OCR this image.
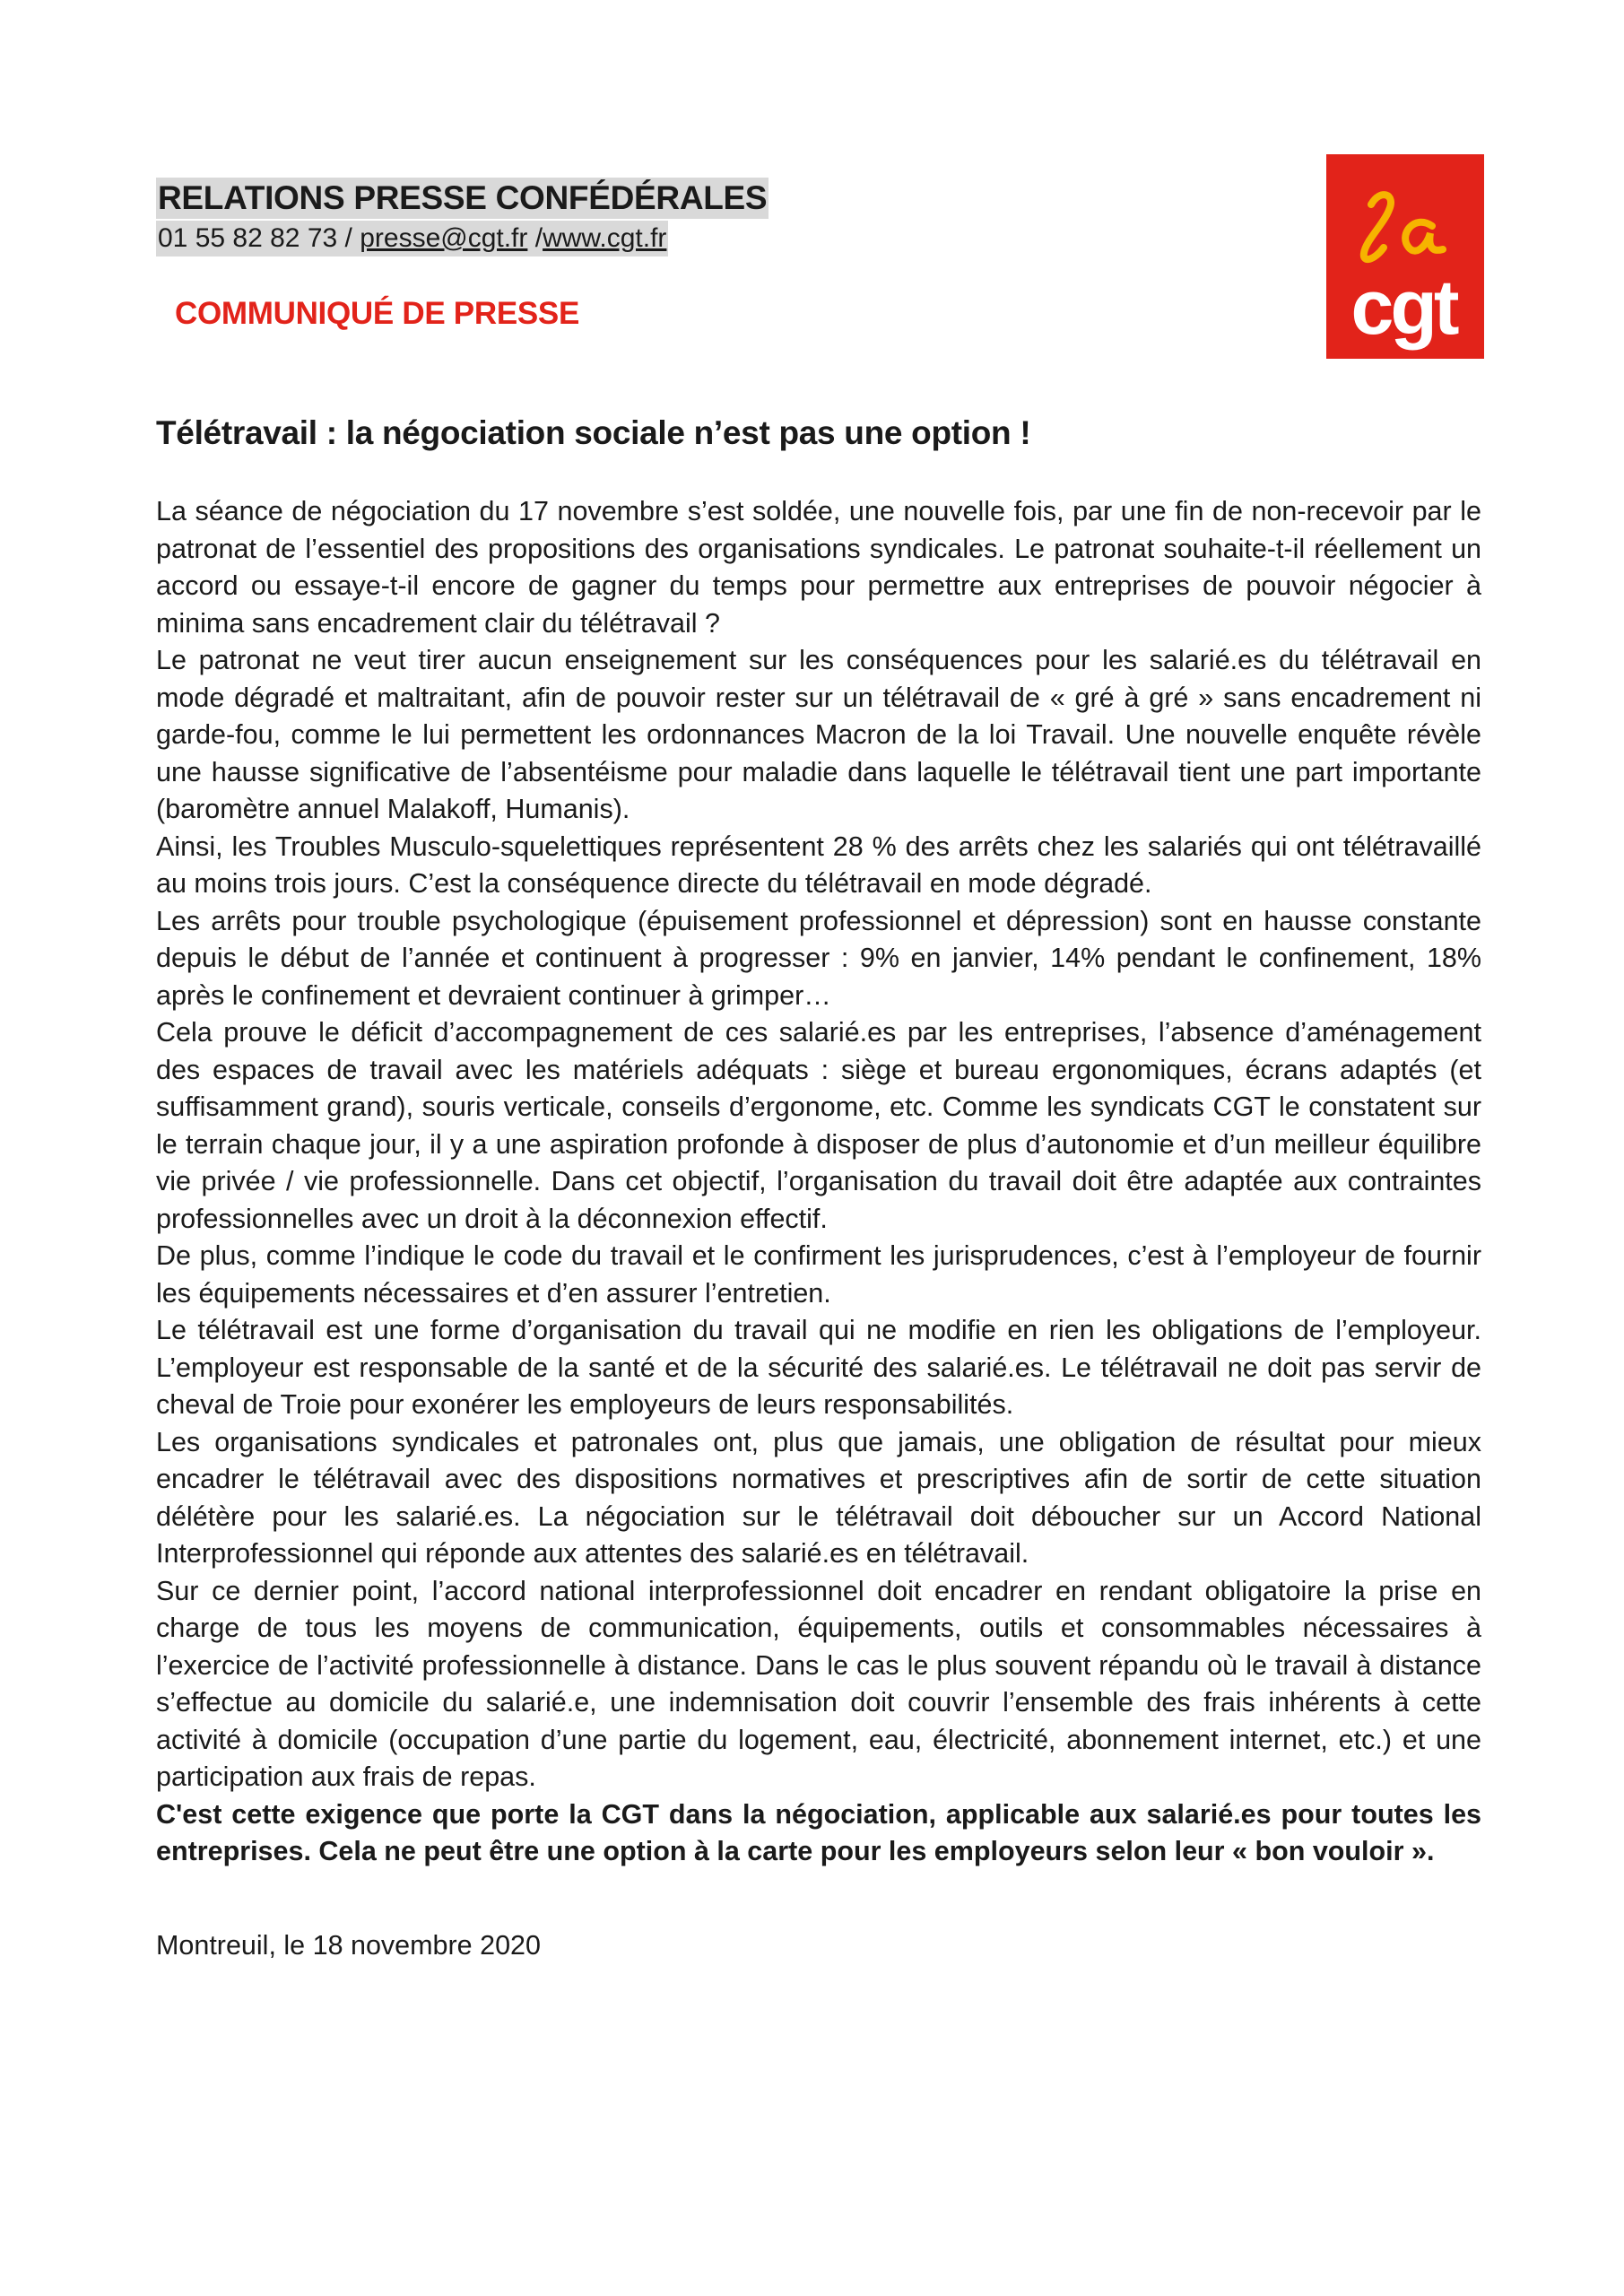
RELATIONS PRESSE CONFÉDÉRALES
01 55 82 82 73 / presse@cgt.fr /www.cgt.fr
COMMUNIQUÉ DE PRESSE	cgt
Télétravail : la négociation sociale n’est pas une option !

La séance de négociation du 17 novembre s’est soldée, une nouvelle fois, par une fin de non-recevoir par le patronat de l’essentiel des propositions des organisations syndicales. Le patronat souhaite-t-il réellement un accord ou essaye-t-il encore de gagner du temps pour permettre aux entreprises de pouvoir négocier à minima sans encadrement clair du télétravail ?

Le patronat ne veut tirer aucun enseignement sur les conséquences pour les salarié.es du télétravail en mode dégradé et maltraitant, afin de pouvoir rester sur un télétravail de « gré à gré » sans encadrement ni garde-fou, comme le lui permettent les ordonnances Macron de la loi Travail. Une nouvelle enquête révèle une hausse significative de l’absentéisme pour maladie dans laquelle le télétravail tient une part importante (baromètre annuel Malakoff, Humanis).

Ainsi, les Troubles Musculo-squelettiques représentent 28 % des arrêts chez les salariés qui ont télétravaillé au moins trois jours. C’est la conséquence directe du télétravail en mode dégradé.

Les arrêts pour trouble psychologique (épuisement professionnel et dépression) sont en hausse constante depuis le début de l’année et continuent à progresser : 9% en janvier, 14% pendant le confinement, 18% après le confinement et devraient continuer à grimper…

Cela prouve le déficit d’accompagnement de ces salarié.es par les entreprises, l’absence d’aménagement des espaces de travail avec les matériels adéquats : siège et bureau ergonomiques, écrans adaptés (et suffisamment grand), souris verticale, conseils d’ergonome, etc. Comme les syndicats CGT le constatent sur le terrain chaque jour, il y a une aspiration profonde à disposer de plus d’autonomie et d’un meilleur équilibre vie privée / vie professionnelle. Dans cet objectif, l’organisation du travail doit être adaptée aux contraintes professionnelles avec un droit à la déconnexion effectif.

De plus, comme l’indique le code du travail et le confirment les jurisprudences, c’est à l’employeur de fournir les équipements nécessaires et d’en assurer l’entretien.

Le télétravail est une forme d’organisation du travail qui ne modifie en rien les obligations de l’employeur. L’employeur est responsable de la santé et de la sécurité des salarié.es. Le télétravail ne doit pas servir de cheval de Troie pour exonérer les employeurs de leurs responsabilités.

Les organisations syndicales et patronales ont, plus que jamais, une obligation de résultat pour mieux encadrer le télétravail avec des dispositions normatives et prescriptives afin de sortir de cette situation délétère pour les salarié.es. La négociation sur le télétravail doit déboucher sur un Accord National Interprofessionnel qui réponde aux attentes des salarié.es en télétravail.

Sur ce dernier point, l’accord national interprofessionnel doit encadrer en rendant obligatoire la prise en charge de tous les moyens de communication, équipements, outils et consommables nécessaires à l’exercice de l’activité professionnelle à distance. Dans le cas le plus souvent répandu où le travail à distance s’effectue au domicile du salarié.e, une indemnisation doit couvrir l’ensemble des frais inhérents à cette activité à domicile (occupation d’une partie du logement, eau, électricité, abonnement internet, etc.) et une participation aux frais de repas.

C'est cette exigence que porte la CGT dans la négociation, applicable aux salarié.es pour toutes les entreprises. Cela ne peut être une option à la carte pour les employeurs selon leur « bon vouloir ».

Montreuil, le 18 novembre 2020
